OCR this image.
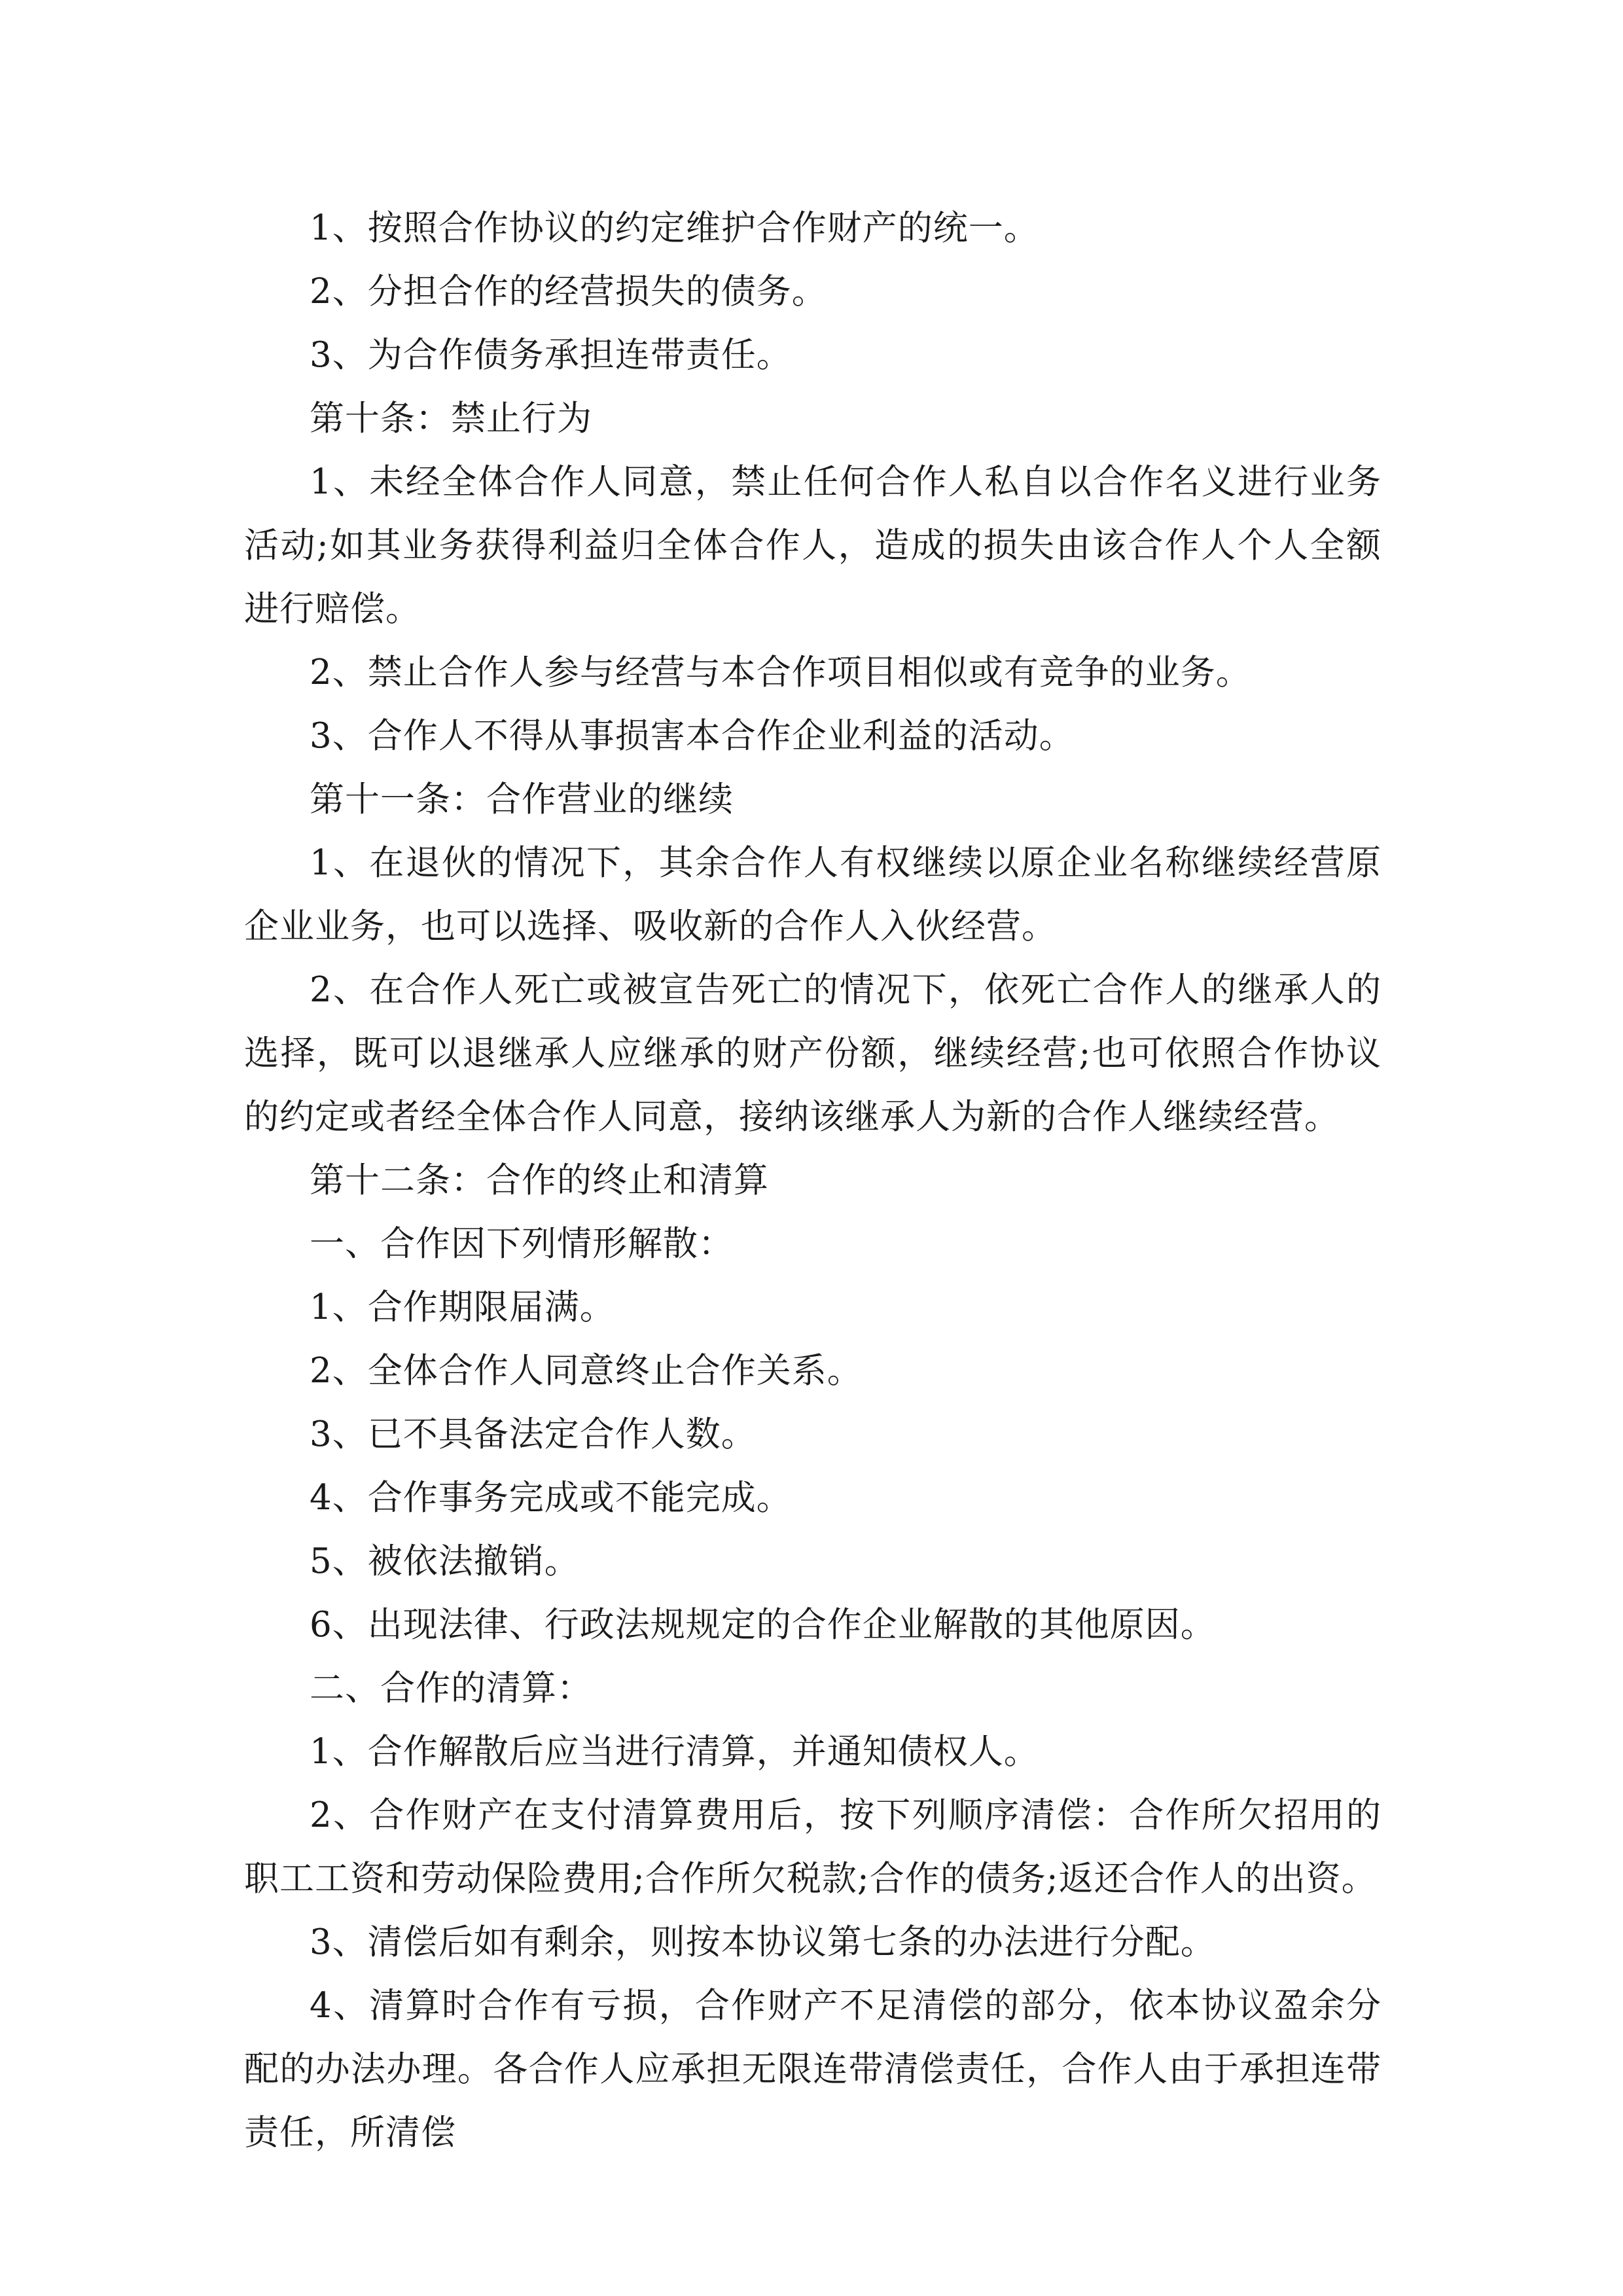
1、按照合作协议的约定维护合作财产的统一。

2、分担合作的经营损失的债务。

3、为合作债务承担连带责任。

第十条：禁止行为

1、未经全体合作人同意，禁止任何合作人私自以合作名义进行业务活动;如其业务获得利益归全体合作人，造成的损失由该合作人个人全额进行赔偿。

2、禁止合作人参与经营与本合作项目相似或有竞争的业务。

3、合作人不得从事损害本合作企业利益的活动。

第十一条：合作营业的继续

1、在退伙的情况下，其余合作人有权继续以原企业名称继续经营原企业业务，也可以选择、吸收新的合作人入伙经营。

2、在合作人死亡或被宣告死亡的情况下，依死亡合作人的继承人的选择，既可以退继承人应继承的财产份额，继续经营;也可依照合作协议的约定或者经全体合作人同意，接纳该继承人为新的合作人继续经营。

第十二条：合作的终止和清算

一、合作因下列情形解散：

1、合作期限届满。

2、全体合作人同意终止合作关系。

3、已不具备法定合作人数。

4、合作事务完成或不能完成。

5、被依法撤销。

6、出现法律、行政法规规定的合作企业解散的其他原因。

二、合作的清算：

1、合作解散后应当进行清算，并通知债权人。

2、合作财产在支付清算费用后，按下列顺序清偿：合作所欠招用的职工工资和劳动保险费用;合作所欠税款;合作的债务;返还合作人的出资。

3、清偿后如有剩余，则按本协议第七条的办法进行分配。

4、清算时合作有亏损，合作财产不足清偿的部分，依本协议盈余分配的办法办理。各合作人应承担无限连带清偿责任，合作人由于承担连带责任，所清偿
